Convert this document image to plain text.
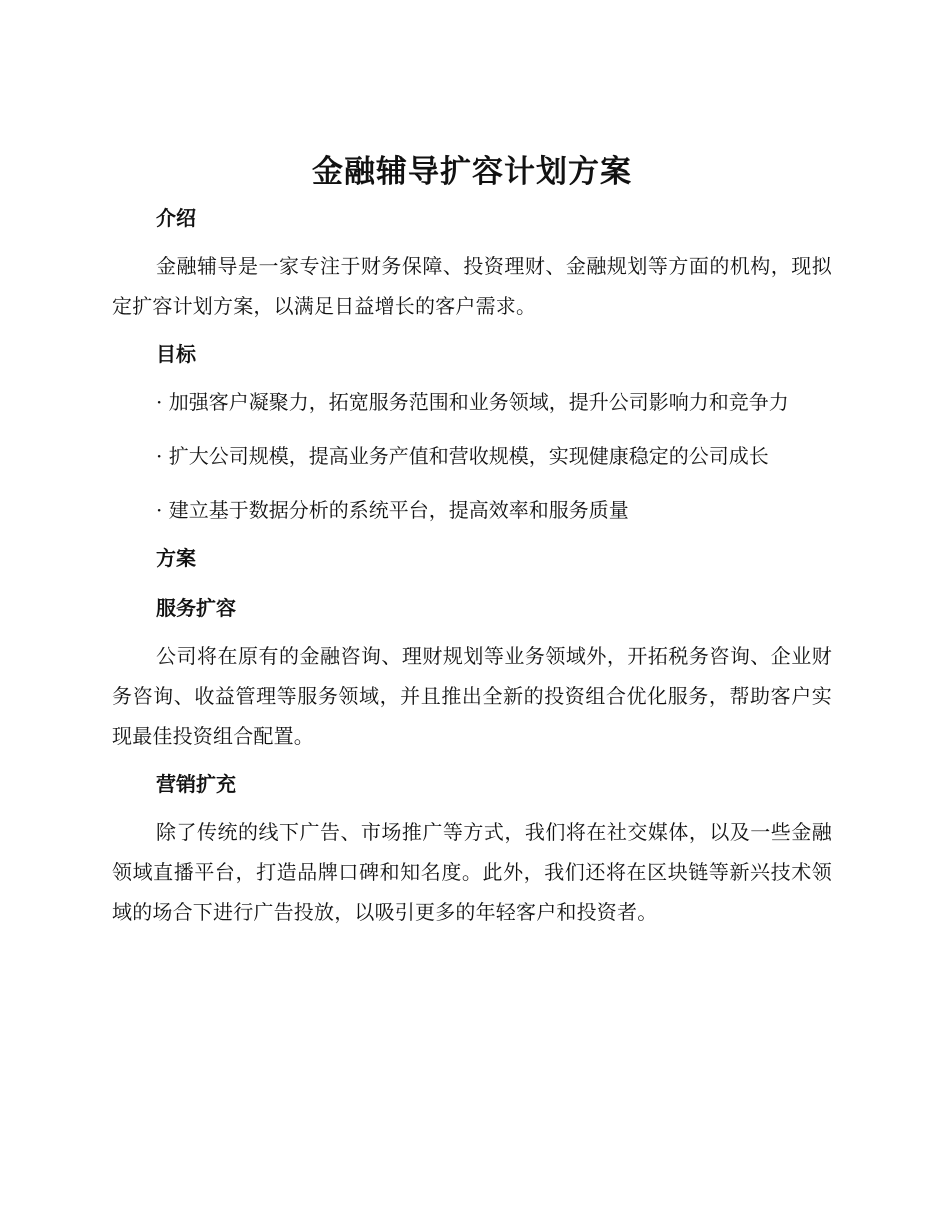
金融辅导扩容计划方案
介绍

金融辅导是一家专注于财务保障、投资理财、金融规划等方面的机构，现拟定扩容计划方案，以满足日益增长的客户需求。

目标

· 加强客户凝聚力，拓宽服务范围和业务领域，提升公司影响力和竞争力

· 扩大公司规模，提高业务产值和营收规模，实现健康稳定的公司成长

· 建立基于数据分析的系统平台，提高效率和服务质量

方案
服务扩容

公司将在原有的金融咨询、理财规划等业务领域外，开拓税务咨询、企业财务咨询、收益管理等服务领域，并且推出全新的投资组合优化服务，帮助客户实现最佳投资组合配置。

营销扩充

除了传统的线下广告、市场推广等方式，我们将在社交媒体，以及一些金融领域直播平台，打造品牌口碑和知名度。此外，我们还将在区块链等新兴技术领域的场合下进行广告投放，以吸引更多的年轻客户和投资者。
